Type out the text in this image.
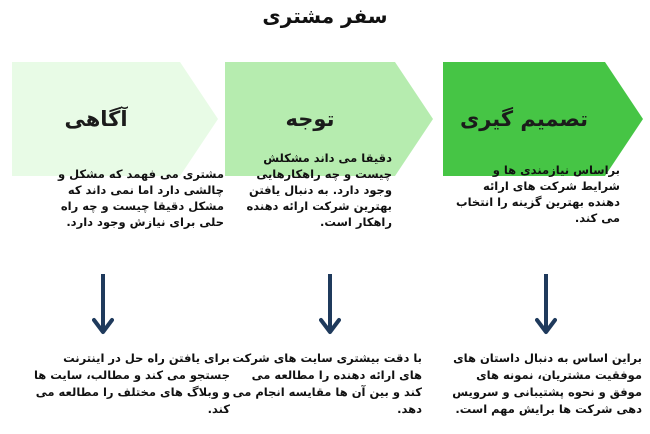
سفر مشتری
آگاهی	توجه	تصمیم گیری
مشتری می فهمد که مشکل و چالشی دارد اما نمی داند که مشکل دقیقا چیست و چه راه حلی برای نیازش وجود دارد.
دقیقا می داند مشکلش چیست و چه راهکارهایی وجود دارد. به دنبال یافتن بهترین شرکت ارائه دهنده راهکار است.
براساس نیازمندی ها و شرایط شرکت های ارائه دهنده بهترین گزینه را انتخاب می کند.
برای یافتن راه حل در اینترنت جستجو می کند و مطالب، سایت ها و وبلاگ های مختلف را مطالعه می کند.
با دقت بیشتری سایت های شرکت های ارائه دهنده را مطالعه می کند و بین آن ها مقایسه انجام می دهد.
براین اساس به دنبال داستان های موفقیت مشتریان، نمونه های موفق و نحوه پشتیبانی و سرویس دهی شرکت ها برایش مهم است.
